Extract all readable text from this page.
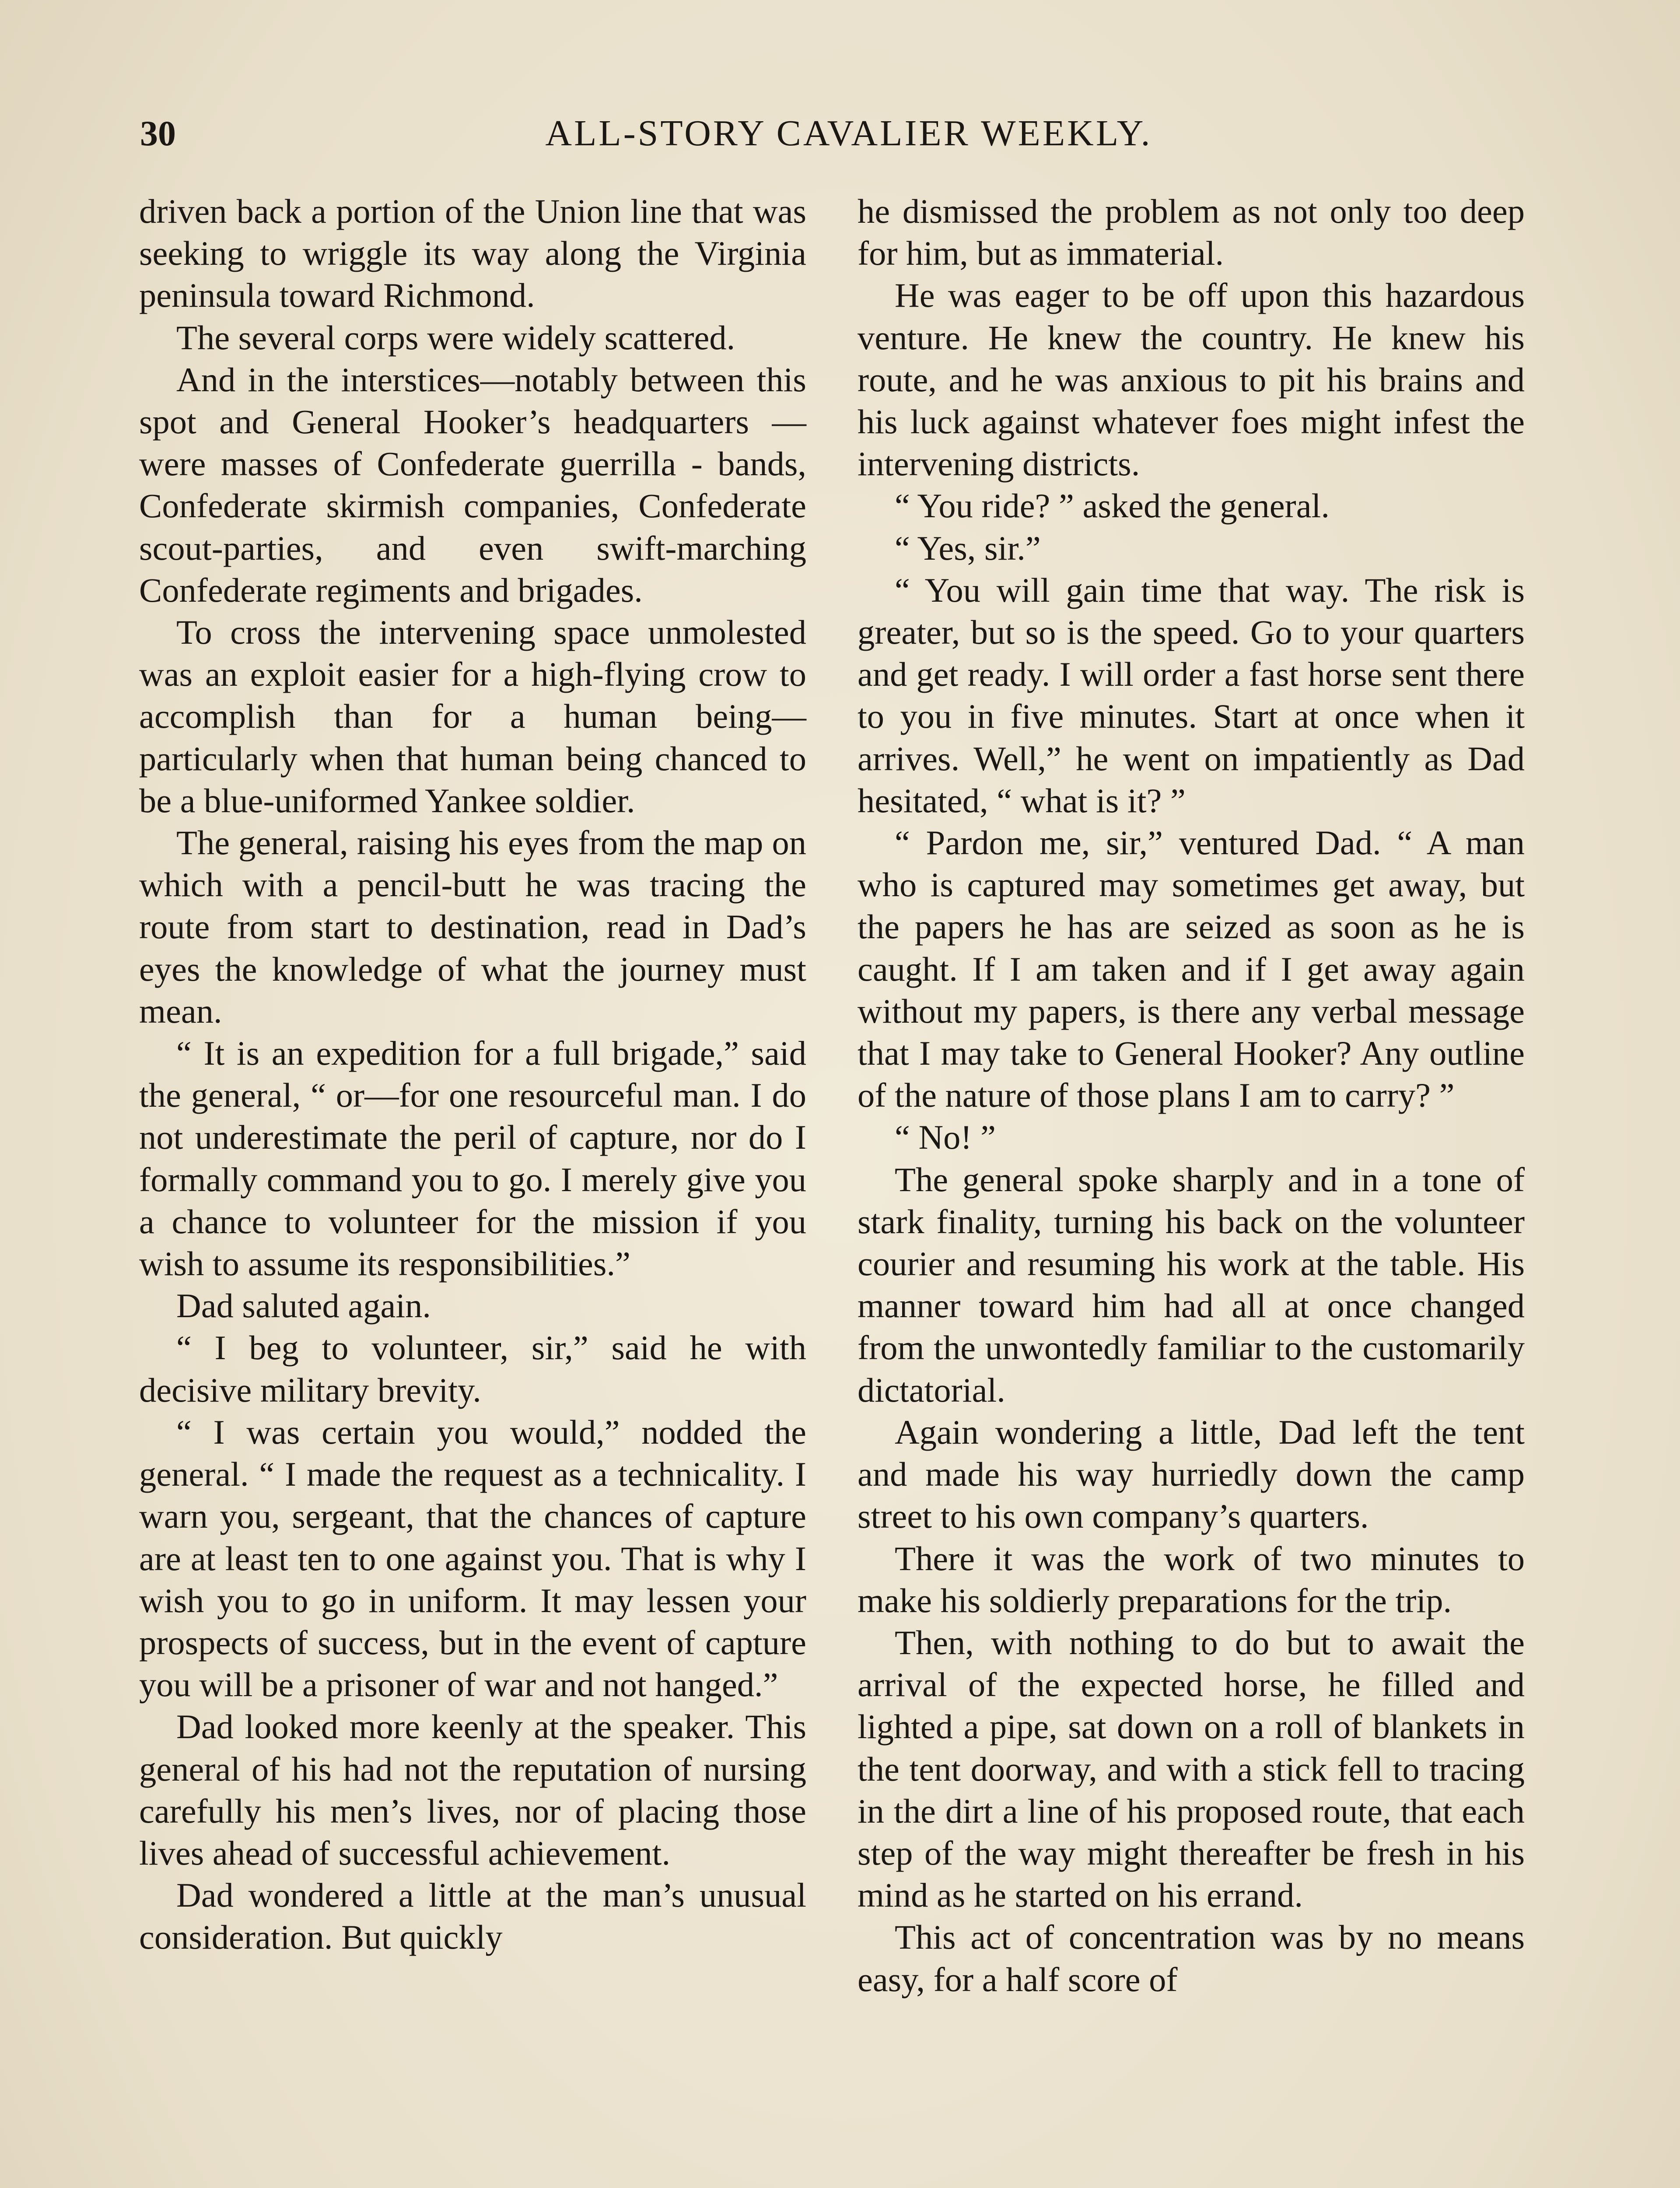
30	ALL-STORY CAVALIER WEEKLY.

driven back a portion of the Union line that was seeking to wriggle its way along the Virginia peninsula toward Richmond.

The several corps were widely scattered.

And in the interstices—notably between this spot and General Hooker’s headquarters — were masses of Confederate guerrilla - bands, Confederate skirmish companies, Confederate scout-parties, and even swift-marching Confederate regiments and brigades.

To cross the intervening space unmolested was an exploit easier for a high-flying crow to accomplish than for a human being—particularly when that human being chanced to be a blue-uniformed Yankee soldier.

The general, raising his eyes from the map on which with a pencil-butt he was tracing the route from start to destination, read in Dad’s eyes the knowledge of what the journey must mean.

“ It is an expedition for a full brigade,” said the general, “ or—for one resourceful man. I do not underestimate the peril of capture, nor do I formally command you to go. I merely give you a chance to volunteer for the mission if you wish to assume its responsibilities.”

Dad saluted again.

“ I beg to volunteer, sir,” said he with decisive military brevity.

“ I was certain you would,” nodded the general. “ I made the request as a technicality. I warn you, sergeant, that the chances of capture are at least ten to one against you. That is why I wish you to go in uniform. It may lessen your prospects of success, but in the event of capture you will be a prisoner of war and not hanged.”

Dad looked more keenly at the speaker. This general of his had not the reputation of nursing carefully his men’s lives, nor of placing those lives ahead of successful achievement.

Dad wondered a little at the man’s unusual consideration. But quickly

he dismissed the problem as not only too deep for him, but as immaterial.

He was eager to be off upon this hazardous venture. He knew the country. He knew his route, and he was anxious to pit his brains and his luck against whatever foes might infest the intervening districts.

“ You ride? ” asked the general.

“ Yes, sir.”

“ You will gain time that way. The risk is greater, but so is the speed. Go to your quarters and get ready. I will order a fast horse sent there to you in five minutes. Start at once when it arrives. Well,” he went on impatiently as Dad hesitated, “ what is it? ”

“ Pardon me, sir,” ventured Dad. “ A man who is captured may sometimes get away, but the papers he has are seized as soon as he is caught. If I am taken and if I get away again without my papers, is there any verbal message that I may take to General Hooker? Any outline of the nature of those plans I am to carry? ”

“ No! ”

The general spoke sharply and in a tone of stark finality, turning his back on the volunteer courier and resuming his work at the table. His manner toward him had all at once changed from the unwontedly familiar to the customarily dictatorial.

Again wondering a little, Dad left the tent and made his way hurriedly down the camp street to his own company’s quarters.

There it was the work of two minutes to make his soldierly preparations for the trip.

Then, with nothing to do but to await the arrival of the expected horse, he filled and lighted a pipe, sat down on a roll of blankets in the tent doorway, and with a stick fell to tracing in the dirt a line of his proposed route, that each step of the way might thereafter be fresh in his mind as he started on his errand.

This act of concentration was by no means easy, for a half score of
